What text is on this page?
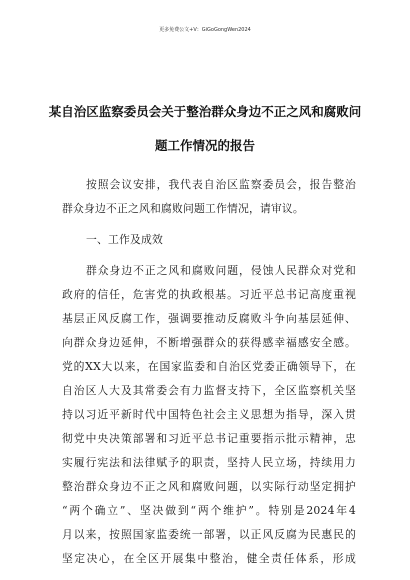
更多免费公文+V：GiGoGongWen2024
某自治区监察委员会关于整治群众身边不正之风和腐败问
题工作情况的报告
按照会议安排，我代表自治区监察委员会，报告整治
群众身边不正之风和腐败问题工作情况，请审议。
一、工作及成效
群众身边不正之风和腐败问题，侵蚀人民群众对党和
政府的信任，危害党的执政根基。习近平总书记高度重视
基层正风反腐工作，强调要推动反腐败斗争向基层延伸、
向群众身边延伸，不断增强群众的获得感幸福感安全感。
党的XX大以来，在国家监委和自治区党委正确领导下，在
自治区人大及其常委会有力监督支持下，全区监察机关坚
持以习近平新时代中国特色社会主义思想为指导，深入贯
彻党中央决策部署和习近平总书记重要指示批示精神，忠
实履行宪法和法律赋予的职责，坚持人民立场，持续用力
整治群众身边不正之风和腐败问题，以实际行动坚定拥护
“两个确立”、坚决做到“两个维护”。特别是2024年4
月以来，按照国家监委统一部署，以正风反腐为民惠民的
坚定决心，在全区开展集中整治，健全责任体系，形成
